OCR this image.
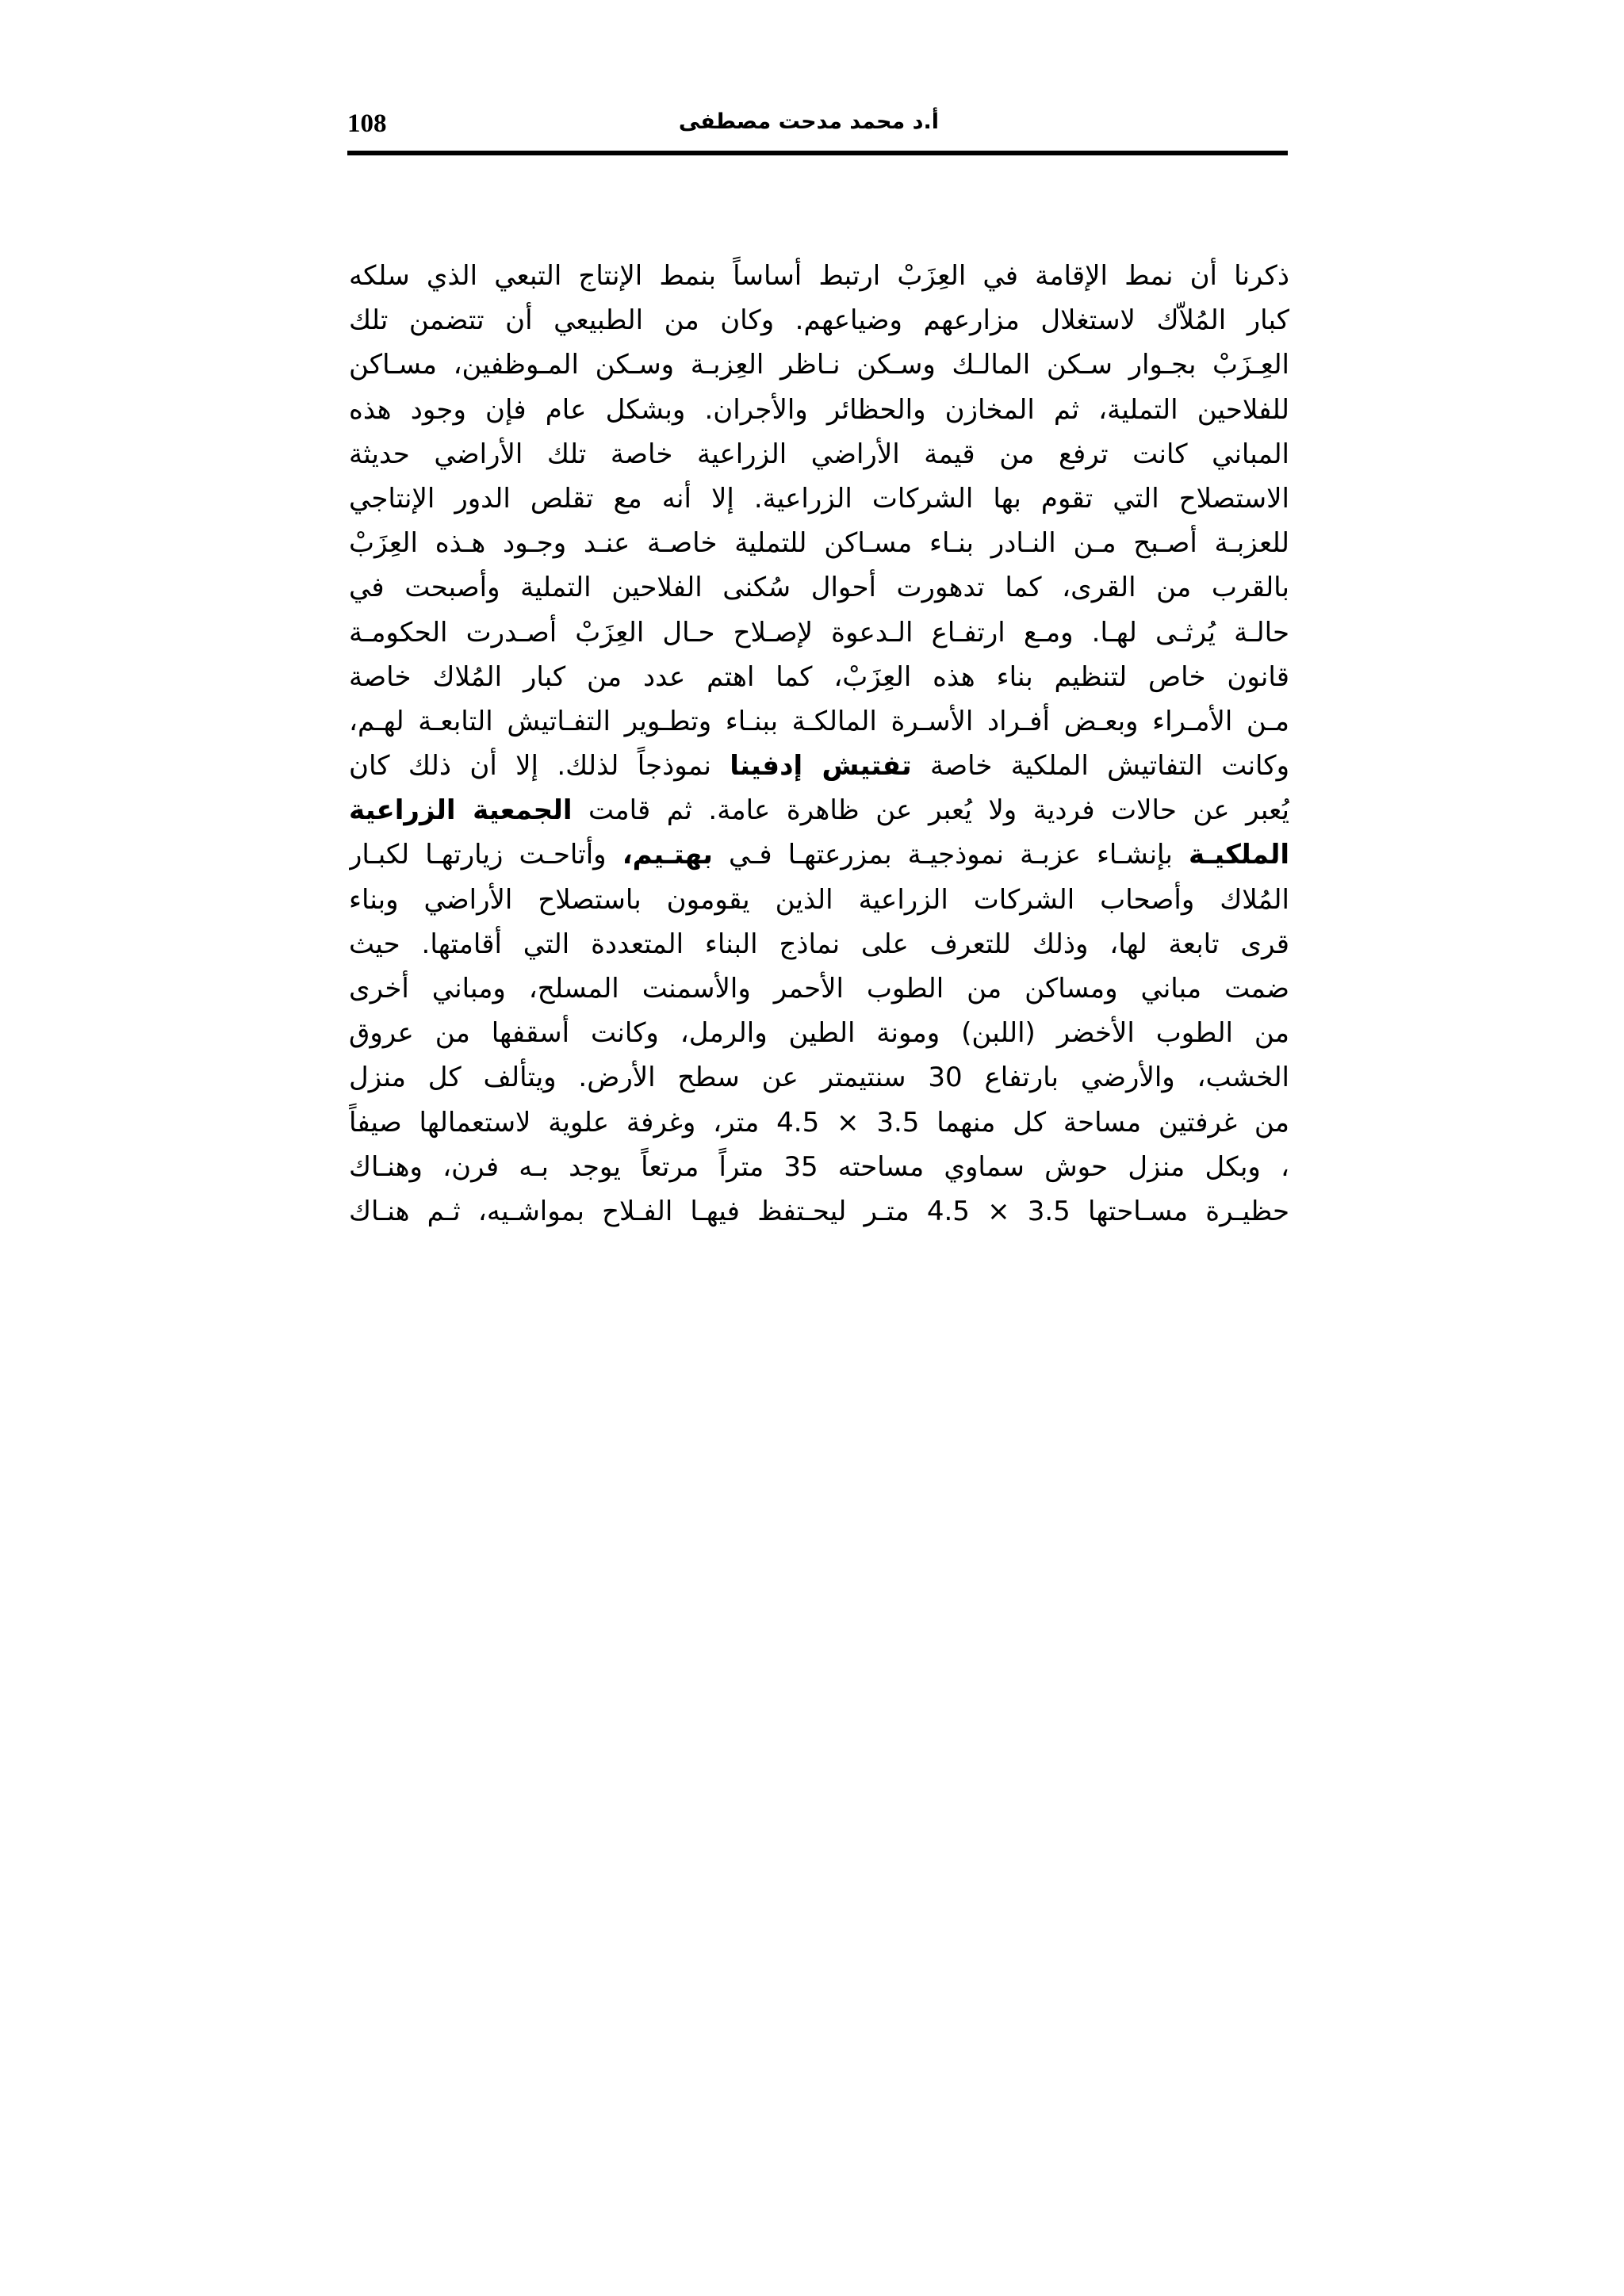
108	أ.د محمد مدحت مصطفى
ذكرنا أن نمط الإقامة في العِزَبْ ارتبط أساساً بنمط الإنتاج التبعي الذي سلكه
كبار المُلاّك لاستغلال مزارعهم وضياعهم. وكان من الطبيعي أن تتضمن تلك
العِـزَبْ بجـوار سـكن المالـك وسـكن نـاظر العِزبـة وسـكن المـوظفين، مسـاكن
للفلاحين التملية، ثم المخازن والحظائر والأجران. وبشكل عام فإن وجود هذه
المباني كانت ترفع من قيمة الأراضي الزراعية خاصة تلك الأراضي حديثة
الاستصلاح التي تقوم بها الشركات الزراعية. إلا أنه مع تقلص الدور الإنتاجي
للعزبـة أصـبح مـن النـادر بنـاء مسـاكن للتملية خاصـة عنـد وجـود هـذه العِزَبْ
بالقرب من القرى، كما تدهورت أحوال سُكنى الفلاحين التملية وأصبحت في
حالـة يُرثـى لهـا. ومـع ارتفـاع الـدعوة لإصـلاح حـال العِزَبْ أصـدرت الحكومـة
قانون خاص لتنظيم بناء هذه العِزَبْ، كما اهتم عدد من كبار المُلاك خاصة
مـن الأمـراء وبعـض أفـراد الأسـرة المالكـة ببنـاء وتطـوير التفـاتيش التابعـة لهـم،
وكانت التفاتيش الملكية خاصة تفتيش إدفينا نموذجاً لذلك. إلا أن ذلك كان
يُعبر عن حالات فردية ولا يُعبر عن ظاهرة عامة. ثم قامت الجمعية الزراعية
الملكيـة بإنشـاء عزبـة نموذجيـة بمزرعتهـا فـي بهتـيم، وأتاحـت زيارتهـا لكبـار
المُلاك وأصحاب الشركات الزراعية الذين يقومون باستصلاح الأراضي وبناء
قرى تابعة لها، وذلك للتعرف على نماذج البناء المتعددة التي أقامتها. حيث
ضمت مباني ومساكن من الطوب الأحمر والأسمنت المسلح، ومباني أخرى
من الطوب الأخضر (اللبن) ومونة الطين والرمل، وكانت أسقفها من عروق
الخشب، والأرضي بارتفاع 30 سنتيمتر عن سطح الأرض. ويتألف كل منزل
من غرفتين مساحة كل منهما 3.5 × 4.5 متر، وغرفة علوية لاستعمالها صيفاً
، وبكل منزل حوش سماوي مساحته 35 متراً مرتعاً يوجد بـه فرن، وهنـاك
حظيـرة مسـاحتها 3.5 × 4.5 متـر ليحـتفظ فيهـا الفـلاح بمواشـيه، ثـم هنـاك
